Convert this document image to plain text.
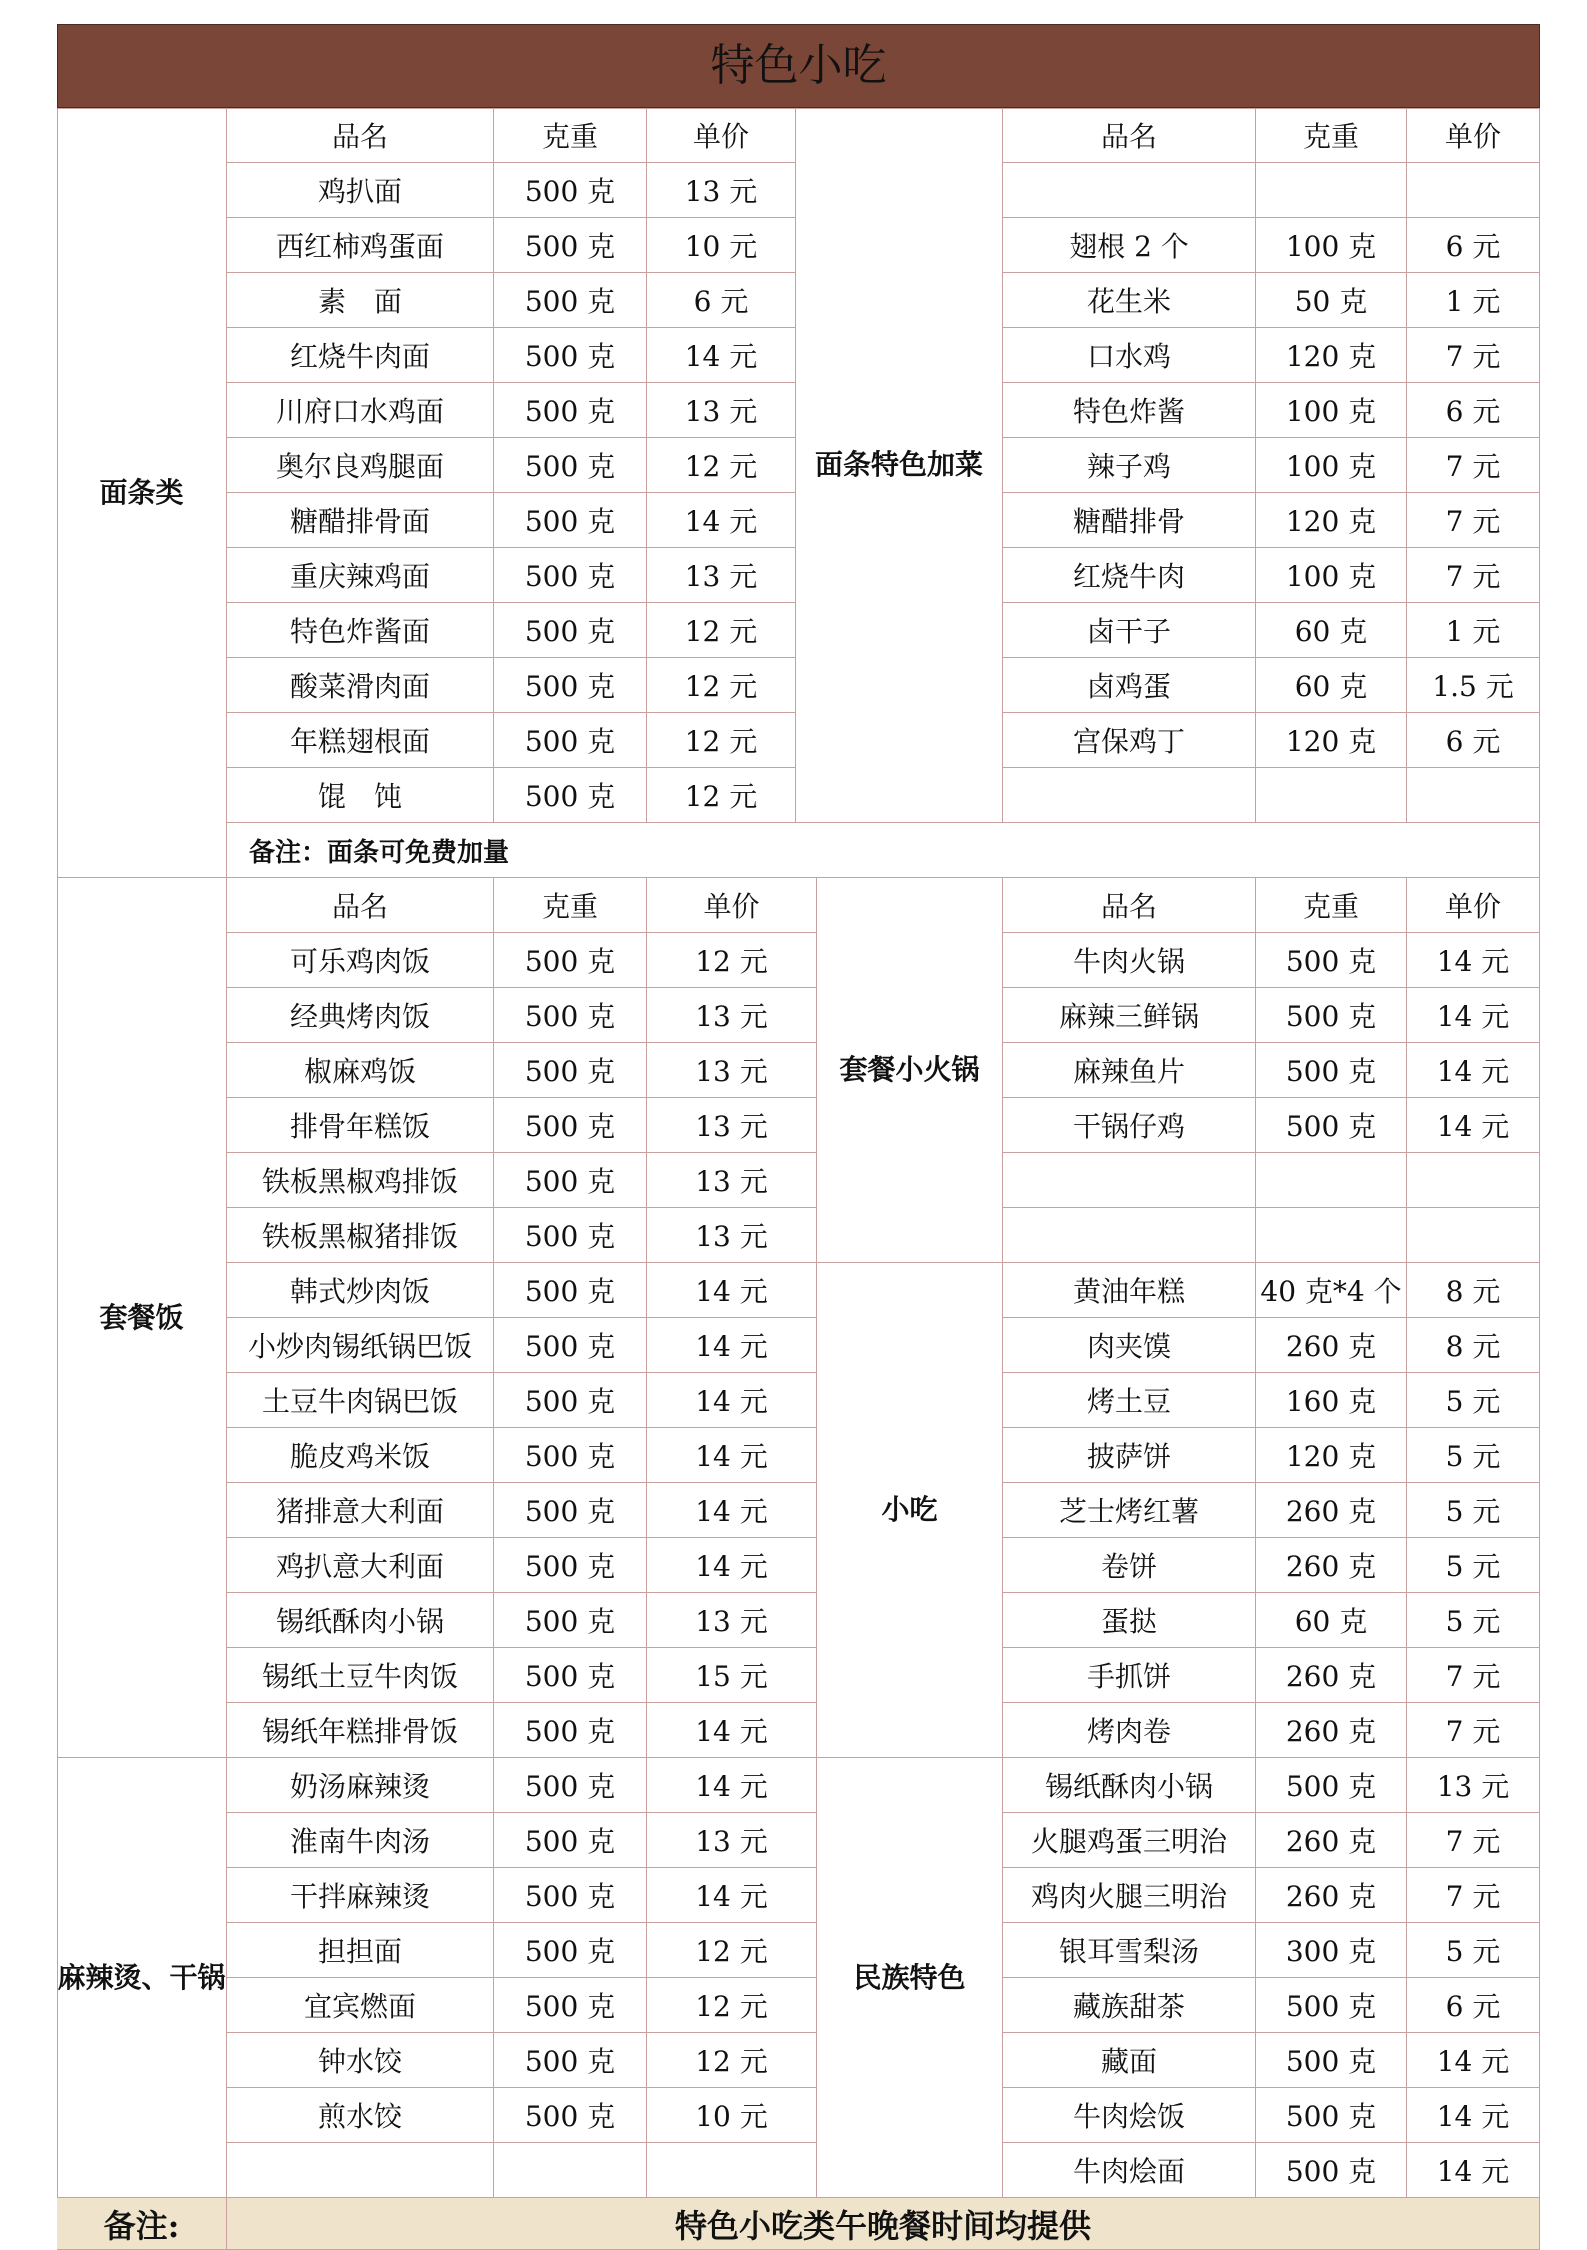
特色小吃
面条类
品名	克重	单价
鸡扒面	500 克	13 元
西红柿鸡蛋面	500 克	10 元
素　面	500 克	6 元
红烧牛肉面	500 克	14 元
川府口水鸡面	500 克	13 元
奥尔良鸡腿面	500 克	12 元
糖醋排骨面	500 克	14 元
重庆辣鸡面	500 克	13 元
特色炸酱面	500 克	12 元
酸菜滑肉面	500 克	12 元
年糕翅根面	500 克	12 元
馄　饨	500 克	12 元
面条特色加菜
品名	克重	单价
翅根 2 个	100 克	6 元
花生米	50 克	1 元
口水鸡	120 克	7 元
特色炸酱	100 克	6 元
辣子鸡	100 克	7 元
糖醋排骨	120 克	7 元
红烧牛肉	100 克	7 元
卤干子	60 克	1 元
卤鸡蛋	60 克	1.5 元
宫保鸡丁	120 克	6 元
备注：面条可免费加量
套餐饭
品名	克重	单价
可乐鸡肉饭	500 克	12 元
经典烤肉饭	500 克	13 元
椒麻鸡饭	500 克	13 元
排骨年糕饭	500 克	13 元
铁板黑椒鸡排饭	500 克	13 元
铁板黑椒猪排饭	500 克	13 元
韩式炒肉饭	500 克	14 元
小炒肉锡纸锅巴饭	500 克	14 元
土豆牛肉锅巴饭	500 克	14 元
脆皮鸡米饭	500 克	14 元
猪排意大利面	500 克	14 元
鸡扒意大利面	500 克	14 元
锡纸酥肉小锅	500 克	13 元
锡纸土豆牛肉饭	500 克	15 元
锡纸年糕排骨饭	500 克	14 元
套餐小火锅
品名	克重	单价
牛肉火锅	500 克	14 元
麻辣三鲜锅	500 克	14 元
麻辣鱼片	500 克	14 元
干锅仔鸡	500 克	14 元
小吃
黄油年糕	40 克*4 个	8 元
肉夹馍	260 克	8 元
烤土豆	160 克	5 元
披萨饼	120 克	5 元
芝士烤红薯	260 克	5 元
卷饼	260 克	5 元
蛋挞	60 克	5 元
手抓饼	260 克	7 元
烤肉卷	260 克	7 元
麻辣烫、干锅
奶汤麻辣烫	500 克	14 元
淮南牛肉汤	500 克	13 元
干拌麻辣烫	500 克	14 元
担担面	500 克	12 元
宜宾燃面	500 克	12 元
钟水饺	500 克	12 元
煎水饺	500 克	10 元
民族特色
锡纸酥肉小锅	500 克	13 元
火腿鸡蛋三明治	260 克	7 元
鸡肉火腿三明治	260 克	7 元
银耳雪梨汤	300 克	5 元
藏族甜茶	500 克	6 元
藏面	500 克	14 元
牛肉烩饭	500 克	14 元
牛肉烩面	500 克	14 元
备注:	特色小吃类午晚餐时间均提供
